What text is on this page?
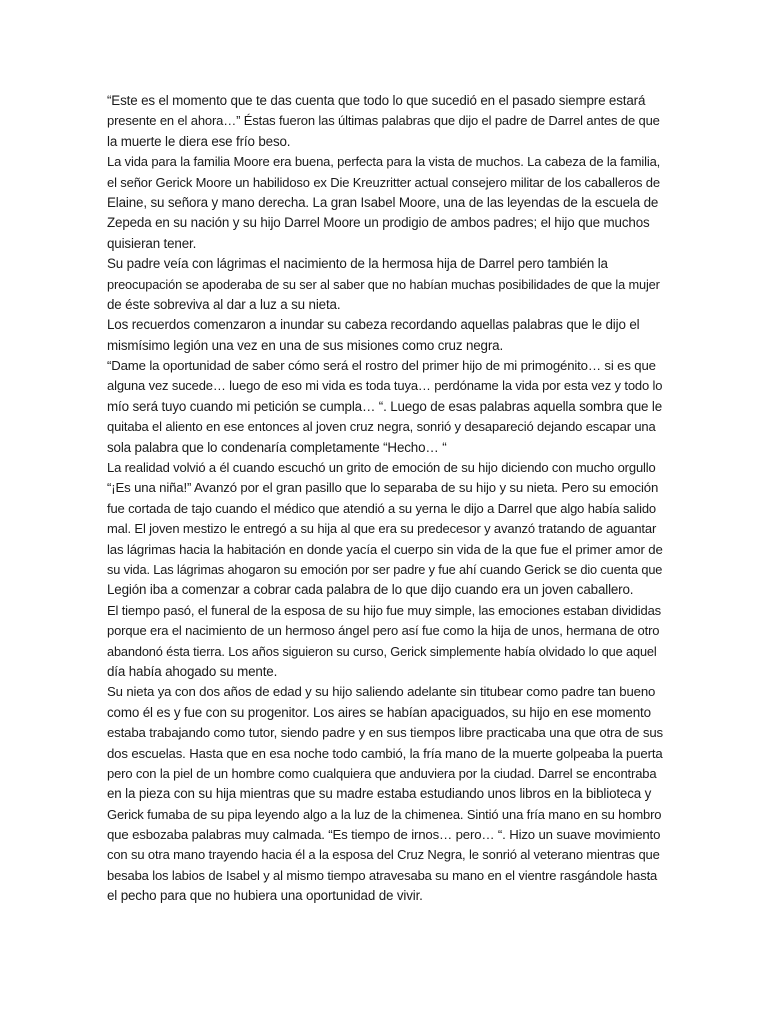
“Este es el momento que te das cuenta que todo lo que sucedió en el pasado siempre estará
presente en el ahora…” Éstas fueron las últimas palabras que dijo el padre de Darrel antes de que
la muerte le diera ese frío beso.
La vida para la familia Moore era buena, perfecta para la vista de muchos. La cabeza de la familia,
el señor Gerick Moore un habilidoso ex Die Kreuzritter actual consejero militar de los caballeros de
Elaine, su señora y mano derecha. La gran Isabel Moore, una de las leyendas de la escuela de
Zepeda en su nación y su hijo Darrel Moore un prodigio de ambos padres; el hijo que muchos
quisieran tener.
Su padre veía con lágrimas el nacimiento de la hermosa hija de Darrel pero también la
preocupación se apoderaba de su ser al saber que no habían muchas posibilidades de que la mujer
de éste sobreviva al dar a luz a su nieta.
Los recuerdos comenzaron a inundar su cabeza recordando aquellas palabras que le dijo el
mismísimo legión una vez en una de sus misiones como cruz negra.
“Dame la oportunidad de saber cómo será el rostro del primer hijo de mi primogénito… si es que
alguna vez sucede… luego de eso mi vida es toda tuya… perdóname la vida por esta vez y todo lo
mío será tuyo cuando mi petición se cumpla… “. Luego de esas palabras aquella sombra que le
quitaba el aliento en ese entonces al joven cruz negra, sonrió y desapareció dejando escapar una
sola palabra que lo condenaría completamente “Hecho… “
La realidad volvió a él cuando escuchó un grito de emoción de su hijo diciendo con mucho orgullo
“¡Es una niña!” Avanzó por el gran pasillo que lo separaba de su hijo y su nieta. Pero su emoción
fue cortada de tajo cuando el médico que atendió a su yerna le dijo a Darrel que algo había salido
mal. El joven mestizo le entregó a su hija al que era su predecesor y avanzó tratando de aguantar
las lágrimas hacia la habitación en donde yacía el cuerpo sin vida de la que fue el primer amor de
su vida. Las lágrimas ahogaron su emoción por ser padre y fue ahí cuando Gerick se dio cuenta que
Legión iba a comenzar a cobrar cada palabra de lo que dijo cuando era un joven caballero.
El tiempo pasó, el funeral de la esposa de su hijo fue muy simple, las emociones estaban divididas
porque era el nacimiento de un hermoso ángel pero así fue como la hija de unos, hermana de otro
abandonó ésta tierra. Los años siguieron su curso, Gerick simplemente había olvidado lo que aquel
día había ahogado su mente.
Su nieta ya con dos años de edad y su hijo saliendo adelante sin titubear como padre tan bueno
como él es y fue con su progenitor. Los aires se habían apaciguados, su hijo en ese momento
estaba trabajando como tutor, siendo padre y en sus tiempos libre practicaba una que otra de sus
dos escuelas. Hasta que en esa noche todo cambió, la fría mano de la muerte golpeaba la puerta
pero con la piel de un hombre como cualquiera que anduviera por la ciudad. Darrel se encontraba
en la pieza con su hija mientras que su madre estaba estudiando unos libros en la biblioteca y
Gerick fumaba de su pipa leyendo algo a la luz de la chimenea. Sintió una fría mano en su hombro
que esbozaba palabras muy calmada. “Es tiempo de irnos… pero… “. Hizo un suave movimiento
con su otra mano trayendo hacia él a la esposa del Cruz Negra, le sonrió al veterano mientras que
besaba los labios de Isabel y al mismo tiempo atravesaba su mano en el vientre rasgándole hasta
el pecho para que no hubiera una oportunidad de vivir.
